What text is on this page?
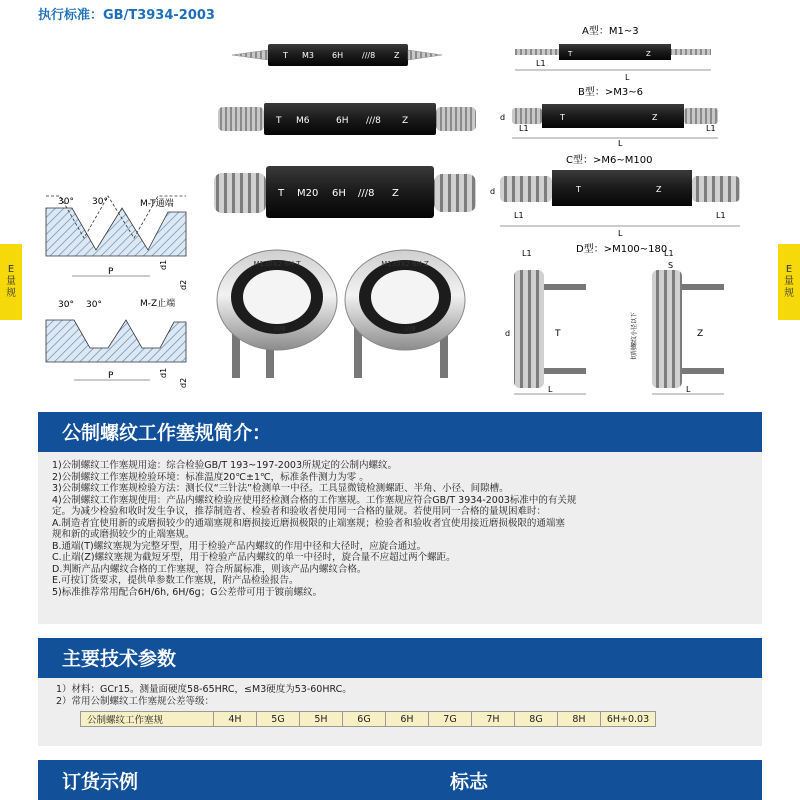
执行标准：GB/T3934-2003
E
量
规
E
量
规
T M3 6H ///8 Z
T M6	6H ///8 Z
T M20 6H ///8 Z
M130X2 6H T
///8
M130X2 6H Z
///8
30° 30°	M-T通端
P
d1
d2
30° 30°	M-Z止端
P	d1
d2
A型：M1~3
T	Z
L1
L
B型：>M3~6
T	Z
d
L1	L1
L
C型：>M6~M100
T	Z
d
L1	L1
L
D型：>M100~180
L1
S
L1
d	T	Z
L	L
切削螺纹小径以下
公制螺纹工作塞规简介：
1)公制螺纹工作塞规用途：综合检验GB/T 193~197-2003所规定的公制内螺纹。
2)公制螺纹工作塞规检验环境：标准温度20℃±1℃，标准条件测力为零 。
3)公制螺纹工作塞规检验方法：测长仪“三针法”检测单一中径。工具显微镜检测螺距、半角、小径、间隙槽。
4)公制螺纹工作塞规使用：产品内螺纹检验应使用经检测合格的工作塞规。工作塞规应符合GB/T 3934-2003标准中的有关规
定。为减少检验和收时发生争议，推荐制造者、检验者和验收者使用同一合格的量规。若使用同一合格的量规困难时：
A.制造者宜使用新的或磨损较少的通端塞规和磨损接近磨损极限的止端塞规；检验者和验收者宜使用接近磨损极限的通端塞
规和新的或磨损较少的止端塞规。
B.通端(T)螺纹塞规为完整牙型，用于检验产品内螺纹的作用中径和大径时，应旋合通过。
C.止端(Z)螺纹塞规为截短牙型，用于检验产品内螺纹的单一中径时，旋合量不应超过两个螺距。
D.判断产品内螺纹合格的工作塞规，符合所属标准，则该产品内螺纹合格。
E.可按订货要求，提供单参数工作塞规，附产品检验报告。
5)标准推荐常用配合6H/6h, 6H/6g；G公差带可用于镀前螺纹。
主要技术参数
1）材料：GCr15。测量面硬度58-65HRC，≤M3硬度为53-60HRC。
2）常用公制螺纹工作塞规公差等级：
公制螺纹工作塞规	4H	5G	5H	6G	6H	7G	7H	8G	8H	6H+0.03
订货示例	标志
